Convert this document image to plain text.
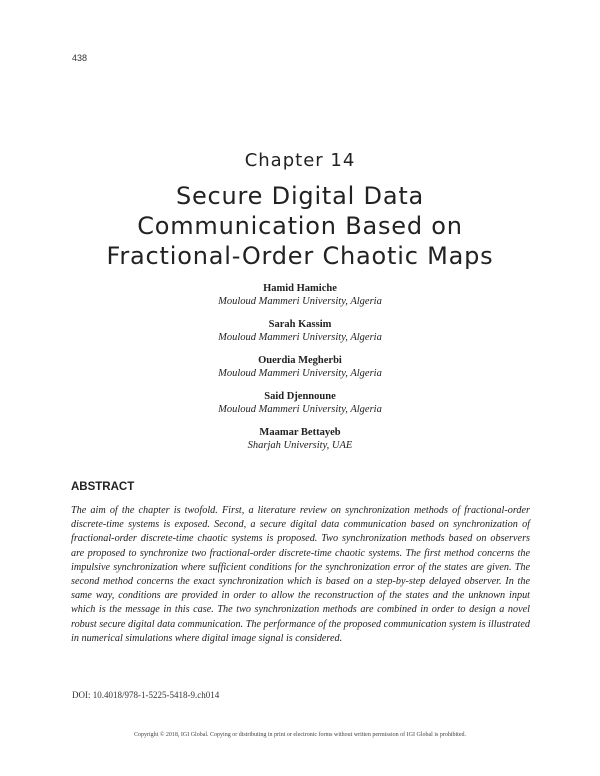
438
Chapter 14
Secure Digital Data
Communication Based on
Fractional-Order Chaotic Maps
Hamid Hamiche
Mouloud Mammeri University, Algeria
Sarah Kassim
Mouloud Mammeri University, Algeria
Ouerdia Megherbi
Mouloud Mammeri University, Algeria
Said Djennoune
Mouloud Mammeri University, Algeria
Maamar Bettayeb
Sharjah University, UAE
ABSTRACT
The aim of the chapter is twofold. First, a literature review on synchronization methods of fractional-order discrete-time systems is exposed. Second, a secure digital data communication based on synchronization of fractional-order discrete-time chaotic systems is proposed. Two synchronization methods based on observers are proposed to synchronize two fractional-order discrete-time chaotic systems. The first method concerns the impulsive synchronization where sufficient conditions for the synchronization error of the states are given. The second method concerns the exact synchronization which is based on a step-by-step delayed observer. In the same way, conditions are provided in order to allow the reconstruction of the states and the unknown input which is the message in this case. The two synchronization methods are combined in order to design a novel robust secure digital data communication. The performance of the proposed communication system is illustrated in numerical simulations where digital image signal is considered.
DOI: 10.4018/978-1-5225-5418-9.ch014
Copyright © 2018, IGI Global. Copying or distributing in print or electronic forms without written permission of IGI Global is prohibited.
